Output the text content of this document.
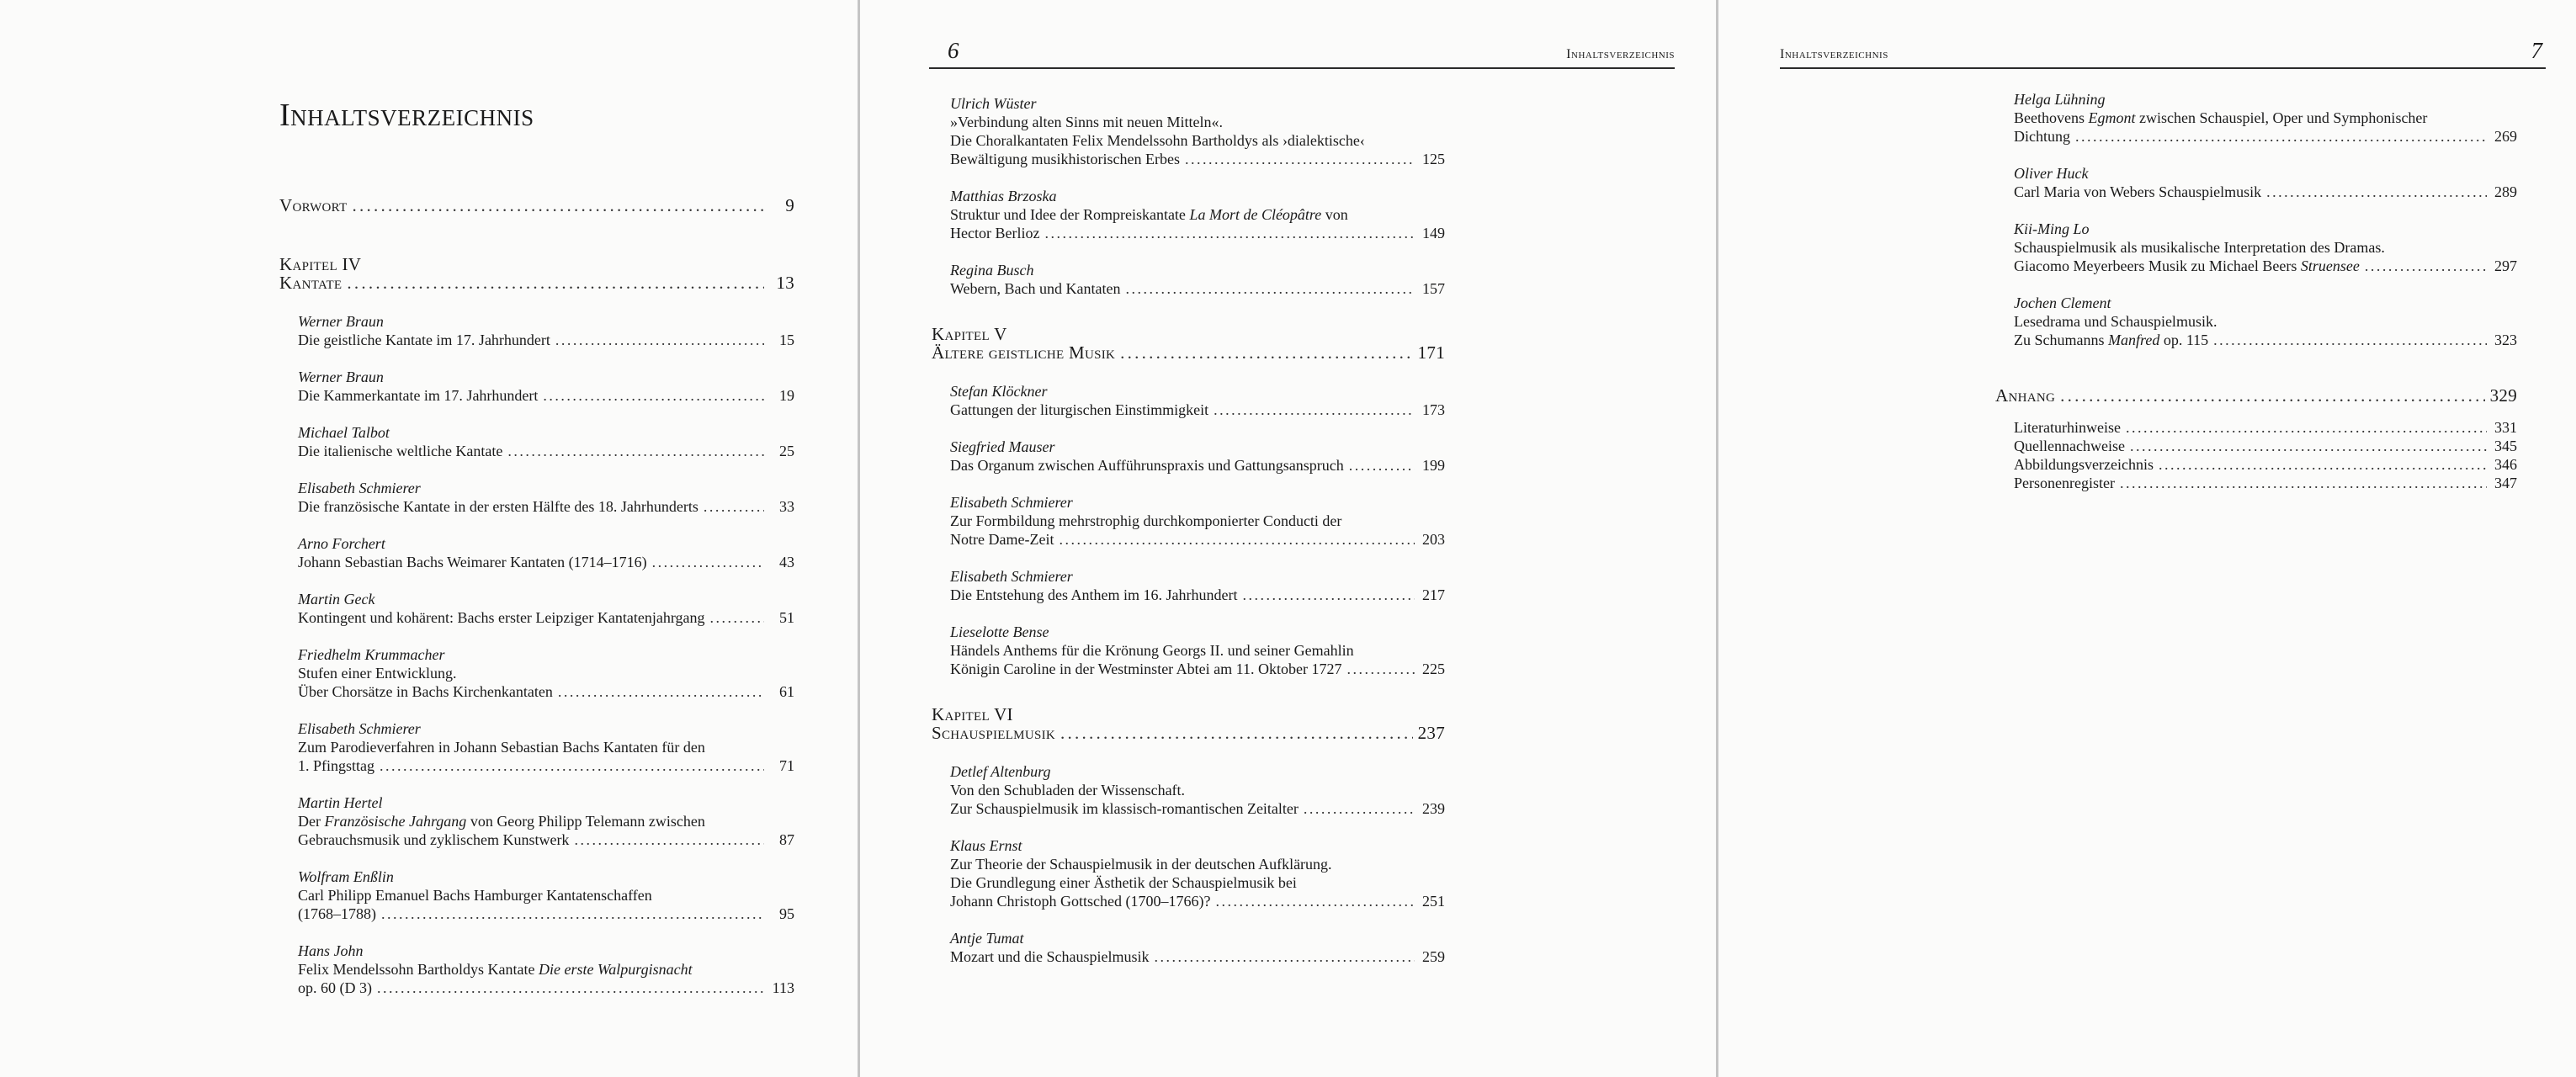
Inhaltsverzeichnis
Vorwort . . .	9
Kapitel IV
Kantate . . .	13
Werner Braun
Die geistliche Kantate im 17. Jahrhundert . . .	15
Werner Braun
Die Kammerkantate im 17. Jahrhundert . . .	19
Michael Talbot
Die italienische weltliche Kantate . . .	25
Elisabeth Schmierer
Die französische Kantate in der ersten Hälfte des 18. Jahrhunderts . . .	33
Arno Forchert
Johann Sebastian Bachs Weimarer Kantaten (1714–1716) . . .	43
Martin Geck
Kontingent und kohärent: Bachs erster Leipziger Kantatenjahrgang . . .	51
Friedhelm Krummacher
Stufen einer Entwicklung.
Über Chorsätze in Bachs Kirchenkantaten . . .	61
Elisabeth Schmierer
Zum Parodieverfahren in Johann Sebastian Bachs Kantaten für den
1. Pfingsttag . . .	71
Martin Hertel
Der Französische Jahrgang von Georg Philipp Telemann zwischen
Gebrauchsmusik und zyklischem Kunstwerk . . .	87
Wolfram Enßlin
Carl Philipp Emanuel Bachs Hamburger Kantatenschaffen
(1768–1788) . . .	95
Hans John
Felix Mendelssohn Bartholdys Kantate Die erste Walpurgisnacht
op. 60 (D 3) . . .	113
6	Inhaltsverzeichnis
Ulrich Wüster
»Verbindung alten Sinns mit neuen Mitteln«.
Die Choralkantaten Felix Mendelssohn Bartholdys als ›dialektische‹
Bewältigung musikhistorischen Erbes . . .	125
Matthias Brzoska
Struktur und Idee der Rompreiskantate La Mort de Cléopâtre von
Hector Berlioz . . .	149
Regina Busch
Webern, Bach und Kantaten . . .	157
Kapitel V
Ältere geistliche Musik . . .	171
Stefan Klöckner
Gattungen der liturgischen Einstimmigkeit . . .	173
Siegfried Mauser
Das Organum zwischen Aufführunspraxis und Gattungsanspruch . . .	199
Elisabeth Schmierer
Zur Formbildung mehrstrophig durchkomponierter Conducti der
Notre Dame-Zeit . . .	203
Elisabeth Schmierer
Die Entstehung des Anthem im 16. Jahrhundert . . .	217
Lieselotte Bense
Händels Anthems für die Krönung Georgs II. und seiner Gemahlin
Königin Caroline in der Westminster Abtei am 11. Oktober 1727 . . .	225
Kapitel VI
Schauspielmusik . . .	237
Detlef Altenburg
Von den Schubladen der Wissenschaft.
Zur Schauspielmusik im klassisch-romantischen Zeitalter . . .	239
Klaus Ernst
Zur Theorie der Schauspielmusik in der deutschen Aufklärung.
Die Grundlegung einer Ästhetik der Schauspielmusik bei
Johann Christoph Gottsched (1700–1766)? . . .	251
Antje Tumat
Mozart und die Schauspielmusik . . .	259
Inhaltsverzeichnis	7
Helga Lühning
Beethovens Egmont zwischen Schauspiel, Oper und Symphonischer
Dichtung . . .	269
Oliver Huck
Carl Maria von Webers Schauspielmusik . . .	289
Kii-Ming Lo
Schauspielmusik als musikalische Interpretation des Dramas.
Giacomo Meyerbeers Musik zu Michael Beers Struensee . . .	297
Jochen Clement
Lesedrama und Schauspielmusik.
Zu Schumanns Manfred op. 115 . . .	323
Anhang . . .	329
Literaturhinweise . . .	331
Quellennachweise . . .	345
Abbildungsverzeichnis . . .	346
Personenregister . . .	347
